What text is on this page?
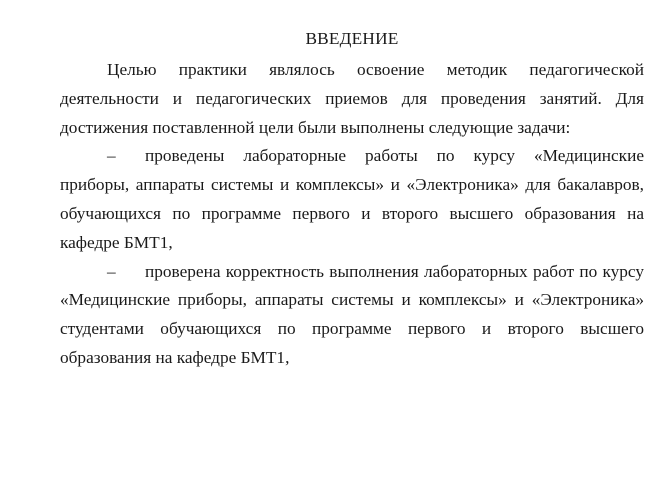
ВВЕДЕНИЕ

Целью практики являлось освоение методик педагогической деятельности и педагогических приемов для проведения занятий. Для достижения поставленной цели были выполнены следующие задачи:

– проведены лабораторные работы по курсу «Медицинские приборы, аппараты системы и комплексы» и «Электроника» для бакалавров, обучающихся по программе первого и второго высшего образования на кафедре БМТ1,

– проверена корректность выполнения лабораторных работ по курсу «Медицинские приборы, аппараты системы и комплексы» и «Электроника» студентами обучающихся по программе первого и второго высшего образования на кафедре БМТ1,
